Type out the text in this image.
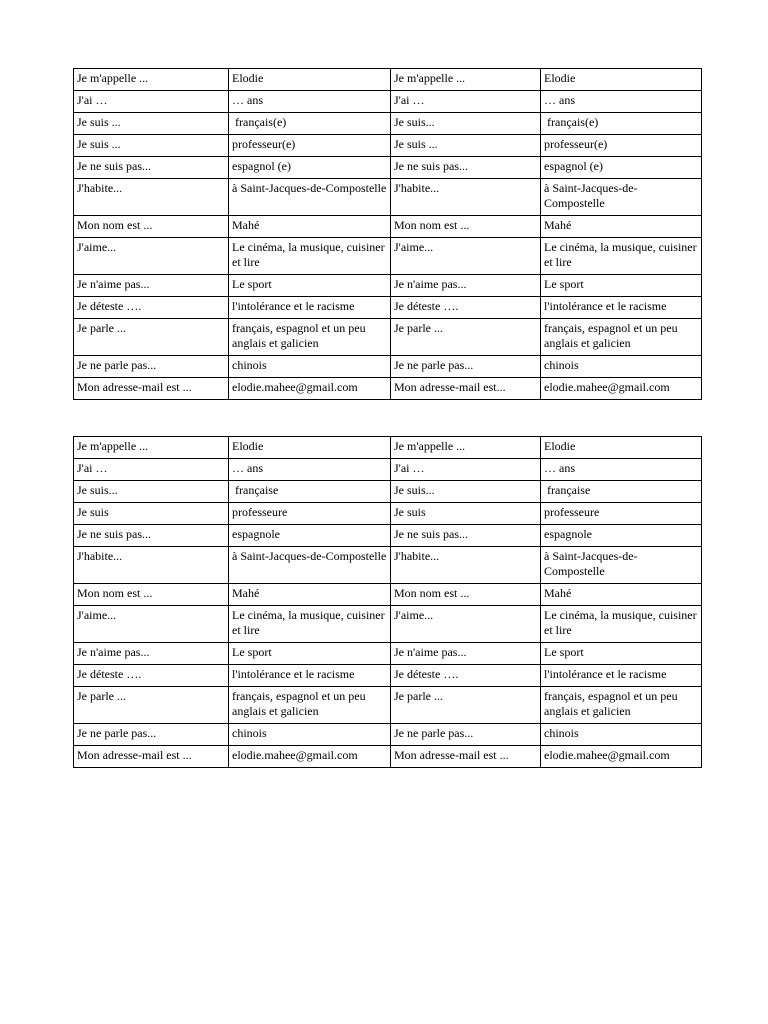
Je m'appelle ...	Elodie	Je m'appelle ...	Elodie
J'ai …	… ans	J'ai …	… ans
Je suis ...	français(e)	Je suis...	français(e)
Je suis ...	professeur(e)	Je suis ...	professeur(e)
Je ne suis pas...	espagnol (e)	Je ne suis pas...	espagnol (e)
J'habite...	à Saint-Jacques-de-Compostelle	J'habite...	à Saint-Jacques-de-Compostelle
Mon nom est ...	Mahé	Mon nom est ...	Mahé
J'aime...	Le cinéma, la musique, cuisiner et lire	J'aime...	Le cinéma, la musique, cuisiner et lire
Je n'aime pas...	Le sport	Je n'aime pas...	Le sport
Je déteste ….	l'intolérance et le racisme	Je déteste ….	l'intolérance et le racisme
Je parle ...	français, espagnol et un peu anglais et galicien	Je parle ...	français, espagnol et un peu anglais et galicien
Je ne parle pas...	chinois	Je ne parle pas...	chinois
Mon adresse-mail est ...	elodie.mahee@gmail.com	Mon adresse-mail est...	elodie.mahee@gmail.com
Je m'appelle ...	Elodie	Je m'appelle ...	Elodie
J'ai …	… ans	J'ai …	… ans
Je suis...	française	Je suis...	française
Je suis	professeure	Je suis	professeure
Je ne suis pas...	espagnole	Je ne suis pas...	espagnole
J'habite...	à Saint-Jacques-de-Compostelle	J'habite...	à Saint-Jacques-de-Compostelle
Mon nom est ...	Mahé	Mon nom est ...	Mahé
J'aime...	Le cinéma, la musique, cuisiner et lire	J'aime...	Le cinéma, la musique, cuisiner et lire
Je n'aime pas...	Le sport	Je n'aime pas...	Le sport
Je déteste ….	l'intolérance et le racisme	Je déteste ….	l'intolérance et le racisme
Je parle ...	français, espagnol et un peu anglais et galicien	Je parle ...	français, espagnol et un peu anglais et galicien
Je ne parle pas...	chinois	Je ne parle pas...	chinois
Mon adresse-mail est ...	elodie.mahee@gmail.com	Mon adresse-mail est ...	elodie.mahee@gmail.com
